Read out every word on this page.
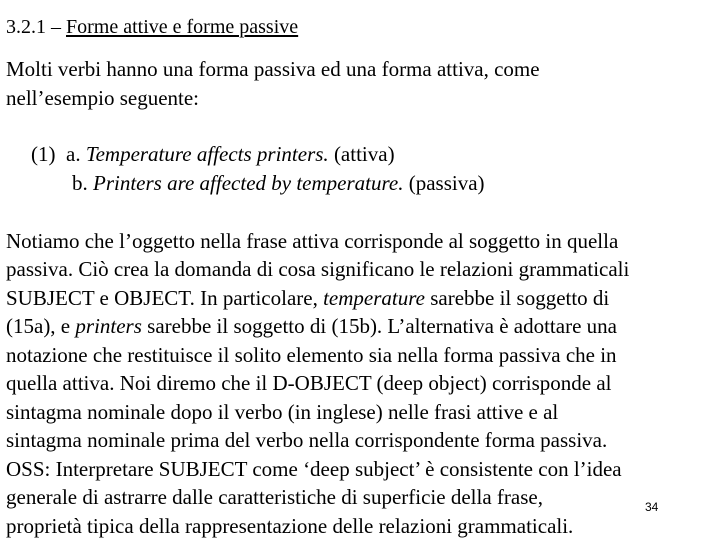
3.2.1 – Forme attive e forme passive
Molti verbi hanno una forma passiva ed una forma attiva, come
nell’esempio seguente:
(1) a. Temperature affects printers. (attiva)
b. Printers are affected by temperature. (passiva)
Notiamo che l’oggetto nella frase attiva corrisponde al soggetto in quella
passiva. Ciò crea la domanda di cosa significano le relazioni grammaticali
SUBJECT e OBJECT. In particolare, temperature sarebbe il soggetto di
(15a), e printers sarebbe il soggetto di (15b). L’alternativa è adottare una
notazione che restituisce il solito elemento sia nella forma passiva che in
quella attiva. Noi diremo che il D-OBJECT (deep object) corrisponde al
sintagma nominale dopo il verbo (in inglese) nelle frasi attive e al
sintagma nominale prima del verbo nella corrispondente forma passiva.
OSS: Interpretare SUBJECT come ‘deep subject’ è consistente con l’idea
generale di astrarre dalle caratteristiche di superficie della frase,
proprietà tipica della rappresentazione delle relazioni grammaticali.
34
